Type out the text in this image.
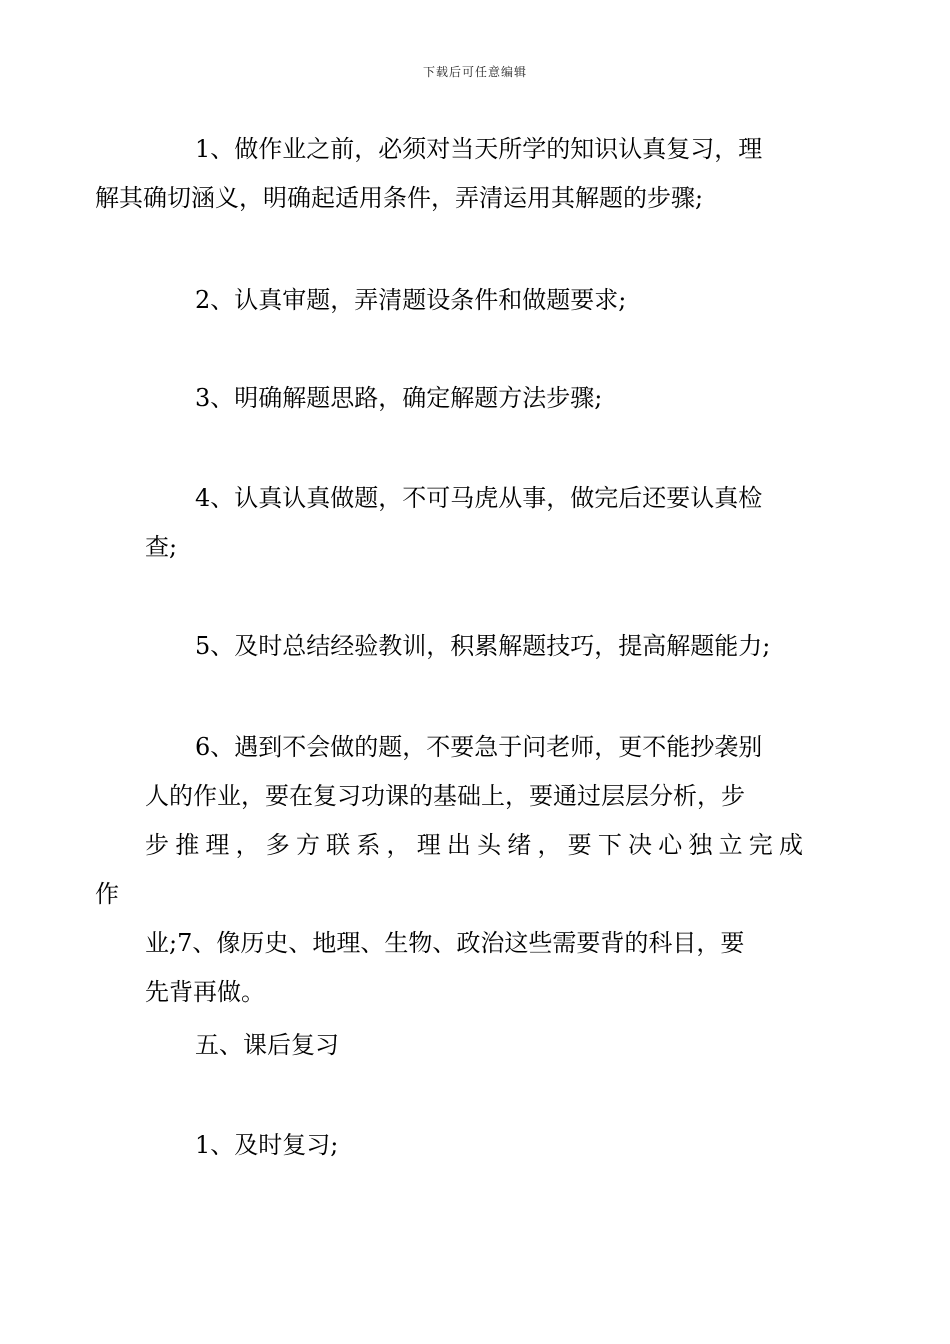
下载后可任意编辑
1、做作业之前，必须对当天所学的知识认真复习，理
解其确切涵义，明确起适用条件，弄清运用其解题的步骤;
2、认真审题，弄清题设条件和做题要求;
3、明确解题思路，确定解题方法步骤;
4、认真认真做题，不可马虎从事，做完后还要认真检
查;
5、及时总结经验教训，积累解题技巧，提高解题能力;
6、遇到不会做的题，不要急于问老师，更不能抄袭别
人的作业，要在复习功课的基础上，要通过层层分析，步
步推理，多方联系，理出头绪，要下决心独立完成作
业;7、像历史、地理、生物、政治这些需要背的科目，要
先背再做。
五、课后复习
1、及时复习;
